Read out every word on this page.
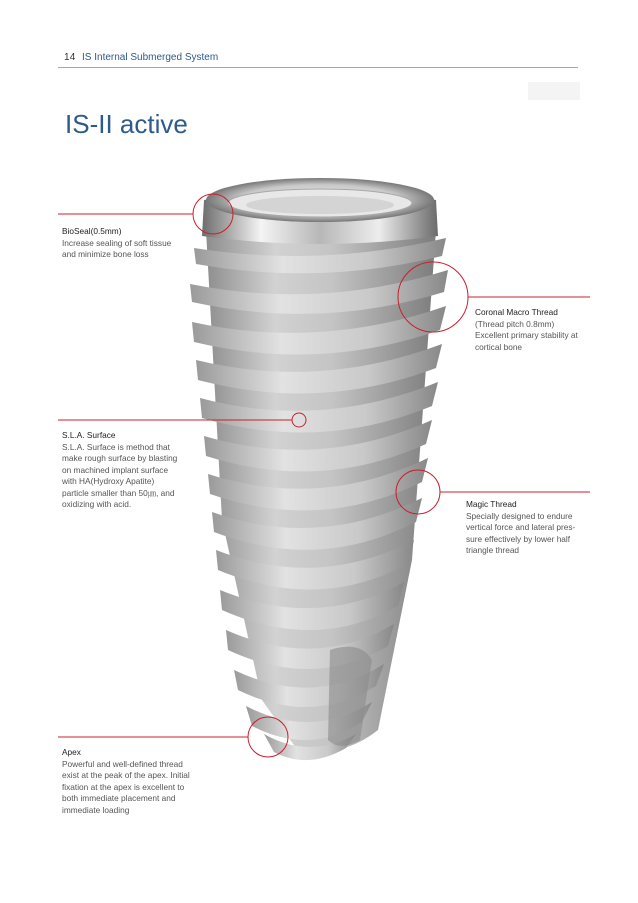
14 IS Internal Submerged System
IS-II active
BioSeal(0.5mm)
Increase sealing of soft tissue
and minimize bone loss
Coronal Macro Thread
(Thread pitch 0.8mm)
Excellent primary stability at
cortical bone
S.L.A. Surface
S.L.A. Surface is method that
make rough surface by blasting
on machined implant surface
with HA(Hydroxy Apatite)
particle smaller than 50㎛, and
oxidizing with acid.	Magic Thread
Specially designed to endure
vertical force and lateral pres-
sure effectively by lower half
triangle thread
Apex
Powerful and well-defined thread
exist at the peak of the apex. Initial
fixation at the apex is excellent to
both immediate placement and
immediate loading
